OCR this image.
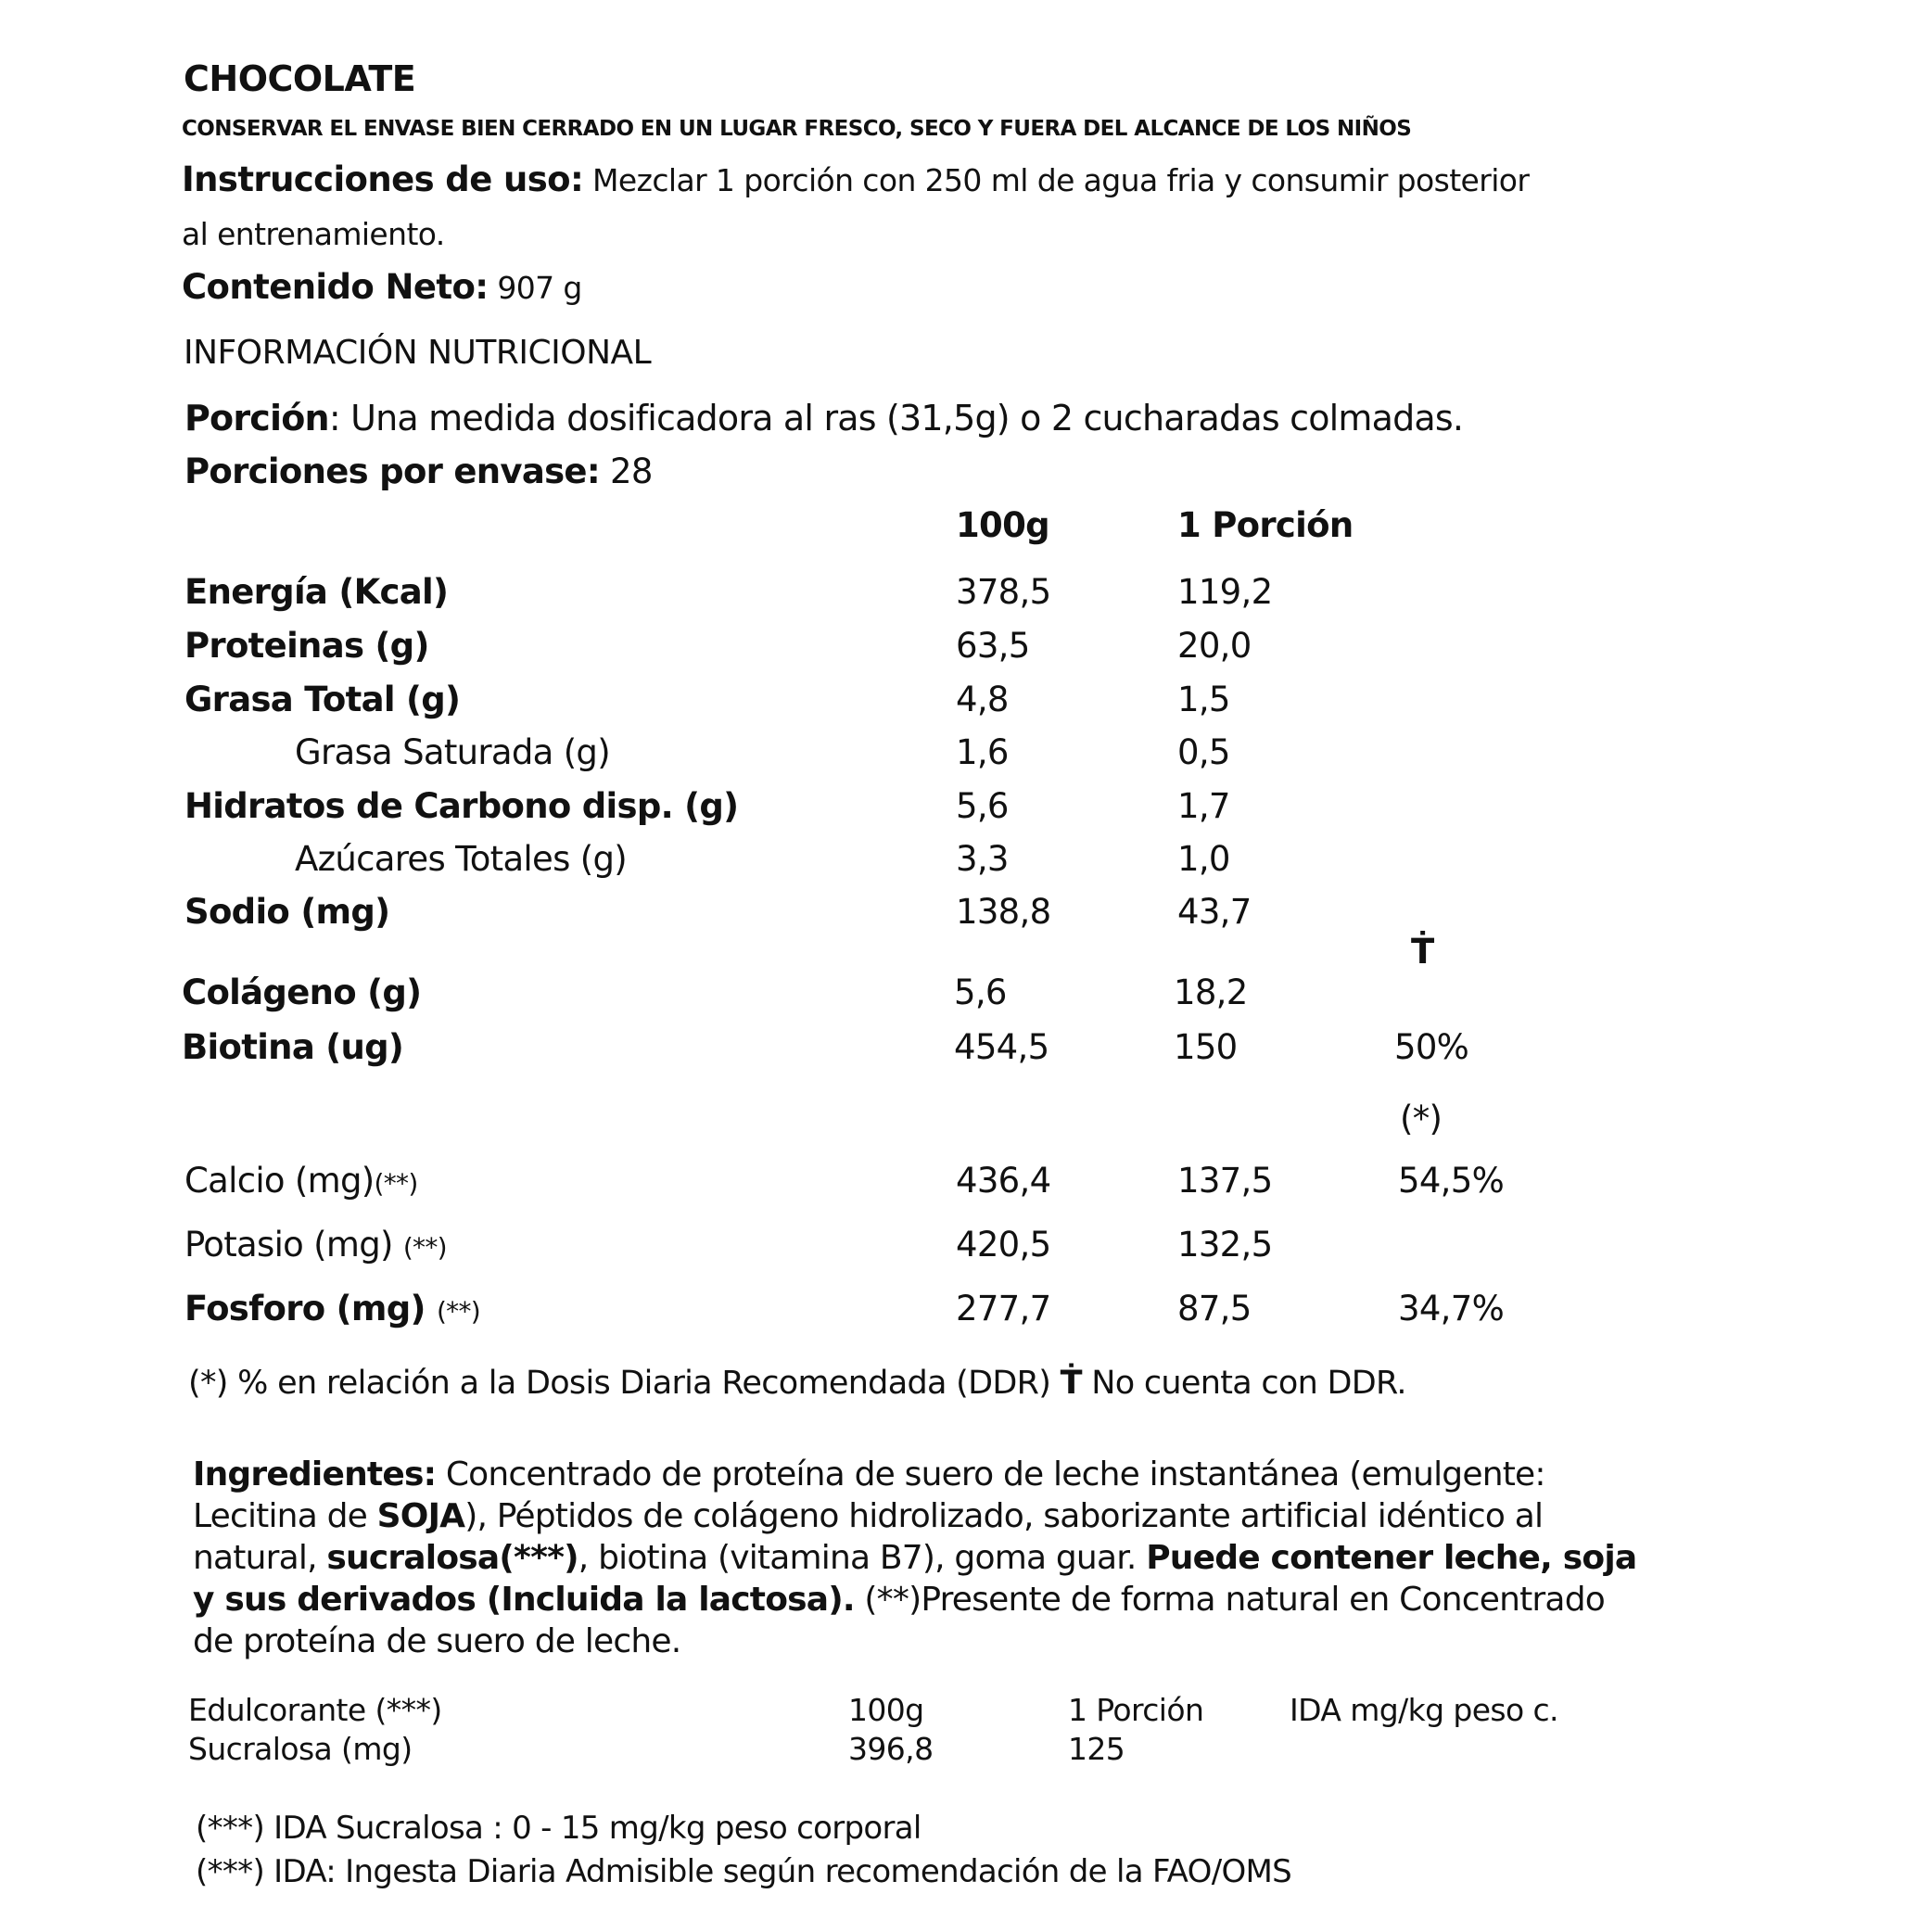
CHOCOLATE
CONSERVAR EL ENVASE BIEN CERRADO EN UN LUGAR FRESCO, SECO Y FUERA DEL ALCANCE DE LOS NIÑOS
Instrucciones de uso: Mezclar 1 porción con 250 ml de agua fria y consumir posterior
al entrenamiento.
Contenido Neto: 907 g
INFORMACIÓN NUTRICIONAL
Porción: Una medida dosificadora al ras (31,5g) o 2 cucharadas colmadas.
Porciones por envase: 28
100g	1 Porción
Energía (Kcal)	378,5	119,2
Proteinas (g)	63,5	20,0
Grasa Total (g)	4,8	1,5
Grasa Saturada (g)	1,6	0,5
Hidratos de Carbono disp. (g)	5,6	1,7
Azúcares Totales (g)	3,3	1,0
Sodio (mg)	138,8	43,7
Ṫ
Colágeno (g)	5,6	18,2
Biotina (ug)	454,5	150	50%
(*)
Calcio (mg)(**)	436,4	137,5	54,5%
Potasio (mg) (**)	420,5	132,5
Fosforo (mg) (**)	277,7	87,5	34,7%
(*) % en relación a la Dosis Diaria Recomendada (DDR) Ṫ No cuenta con DDR.
Ingredientes: Concentrado de proteína de suero de leche instantánea (emulgente: Lecitina de SOJA), Péptidos de colágeno hidrolizado, saborizante artificial idéntico al natural, sucralosa(***), biotina (vitamina B7), goma guar. Puede contener leche, soja y sus derivados (Incluida la lactosa). (**)Presente de forma natural en Concentrado de proteína de suero de leche.
Edulcorante (***)	100g	1 Porción	IDA mg/kg peso c.
Sucralosa (mg)	396,8	125
(***) IDA Sucralosa : 0 - 15 mg/kg peso corporal
(***) IDA: Ingesta Diaria Admisible según recomendación de la FAO/OMS
